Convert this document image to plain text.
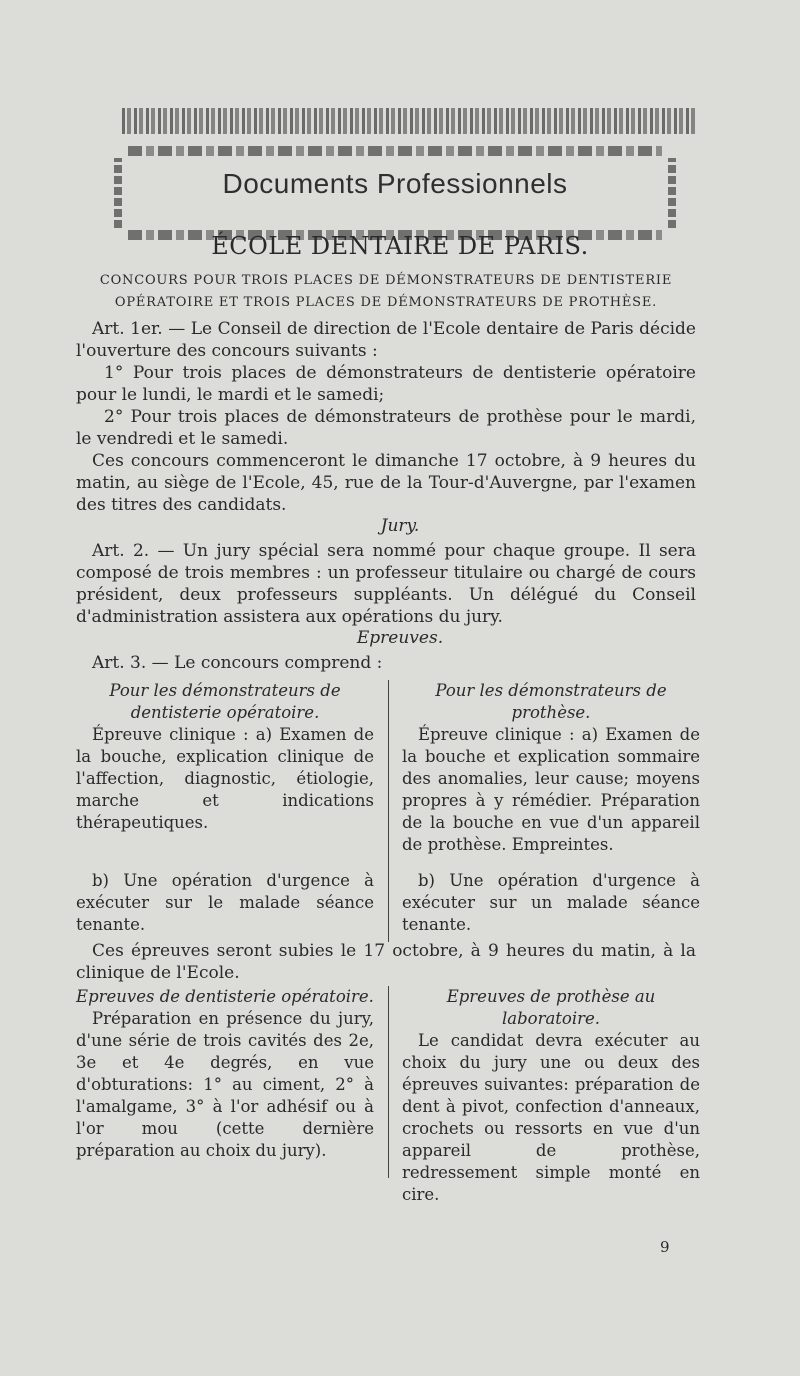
Documents Professionnels
ÉCOLE DENTAIRE DE PARIS.
CONCOURS POUR TROIS PLACES DE DÉMONSTRATEURS DE DENTISTERIE OPÉRATOIRE ET TROIS PLACES DE DÉMONSTRATEURS DE PROTHÈSE.
Art. 1er. — Le Conseil de direction de l'Ecole dentaire de Paris décide l'ouverture des concours suivants :
1° Pour trois places de démonstrateurs de dentisterie opératoire pour le lundi, le mardi et le samedi;
2° Pour trois places de démonstrateurs de prothèse pour le mardi, le vendredi et le samedi.
Ces concours commenceront le dimanche 17 octobre, à 9 heures du matin, au siège de l'Ecole, 45, rue de la Tour-d'Auvergne, par l'examen des titres des candidats.
Jury.
Art. 2. — Un jury spécial sera nommé pour chaque groupe. Il sera composé de trois membres : un professeur titulaire ou chargé de cours président, deux professeurs suppléants. Un délégué du Conseil d'administration assistera aux opérations du jury.
Epreuves.
Art. 3. — Le concours comprend :
Pour les démonstrateurs de dentisterie opératoire.
Épreuve clinique : a) Examen de la bouche, explication clinique de l'affection, diagnostic, étiologie, marche et indications thérapeutiques.
b) Une opération d'urgence à exécuter sur le malade séance tenante.
Pour les démonstrateurs de prothèse.
Épreuve clinique : a) Examen de la bouche et explication sommaire des anomalies, leur cause; moyens propres à y rémédier. Préparation de la bouche en vue d'un appareil de prothèse. Empreintes.
b) Une opération d'urgence à exécuter sur un malade séance tenante.
Ces épreuves seront subies le 17 octobre, à 9 heures du matin, à la clinique de l'Ecole.
Epreuves de dentisterie opératoire.
Préparation en présence du jury, d'une série de trois cavités des 2e, 3e et 4e degrés, en vue d'obturations: 1° au ciment, 2° à l'amalgame, 3° à l'or adhésif ou à l'or mou (cette dernière préparation au choix du jury).
Epreuves de prothèse au laboratoire.
Le candidat devra exécuter au choix du jury une ou deux des épreuves suivantes: préparation de dent à pivot, confection d'anneaux, crochets ou ressorts en vue d'un appareil de prothèse, redressement simple monté en cire.
9
